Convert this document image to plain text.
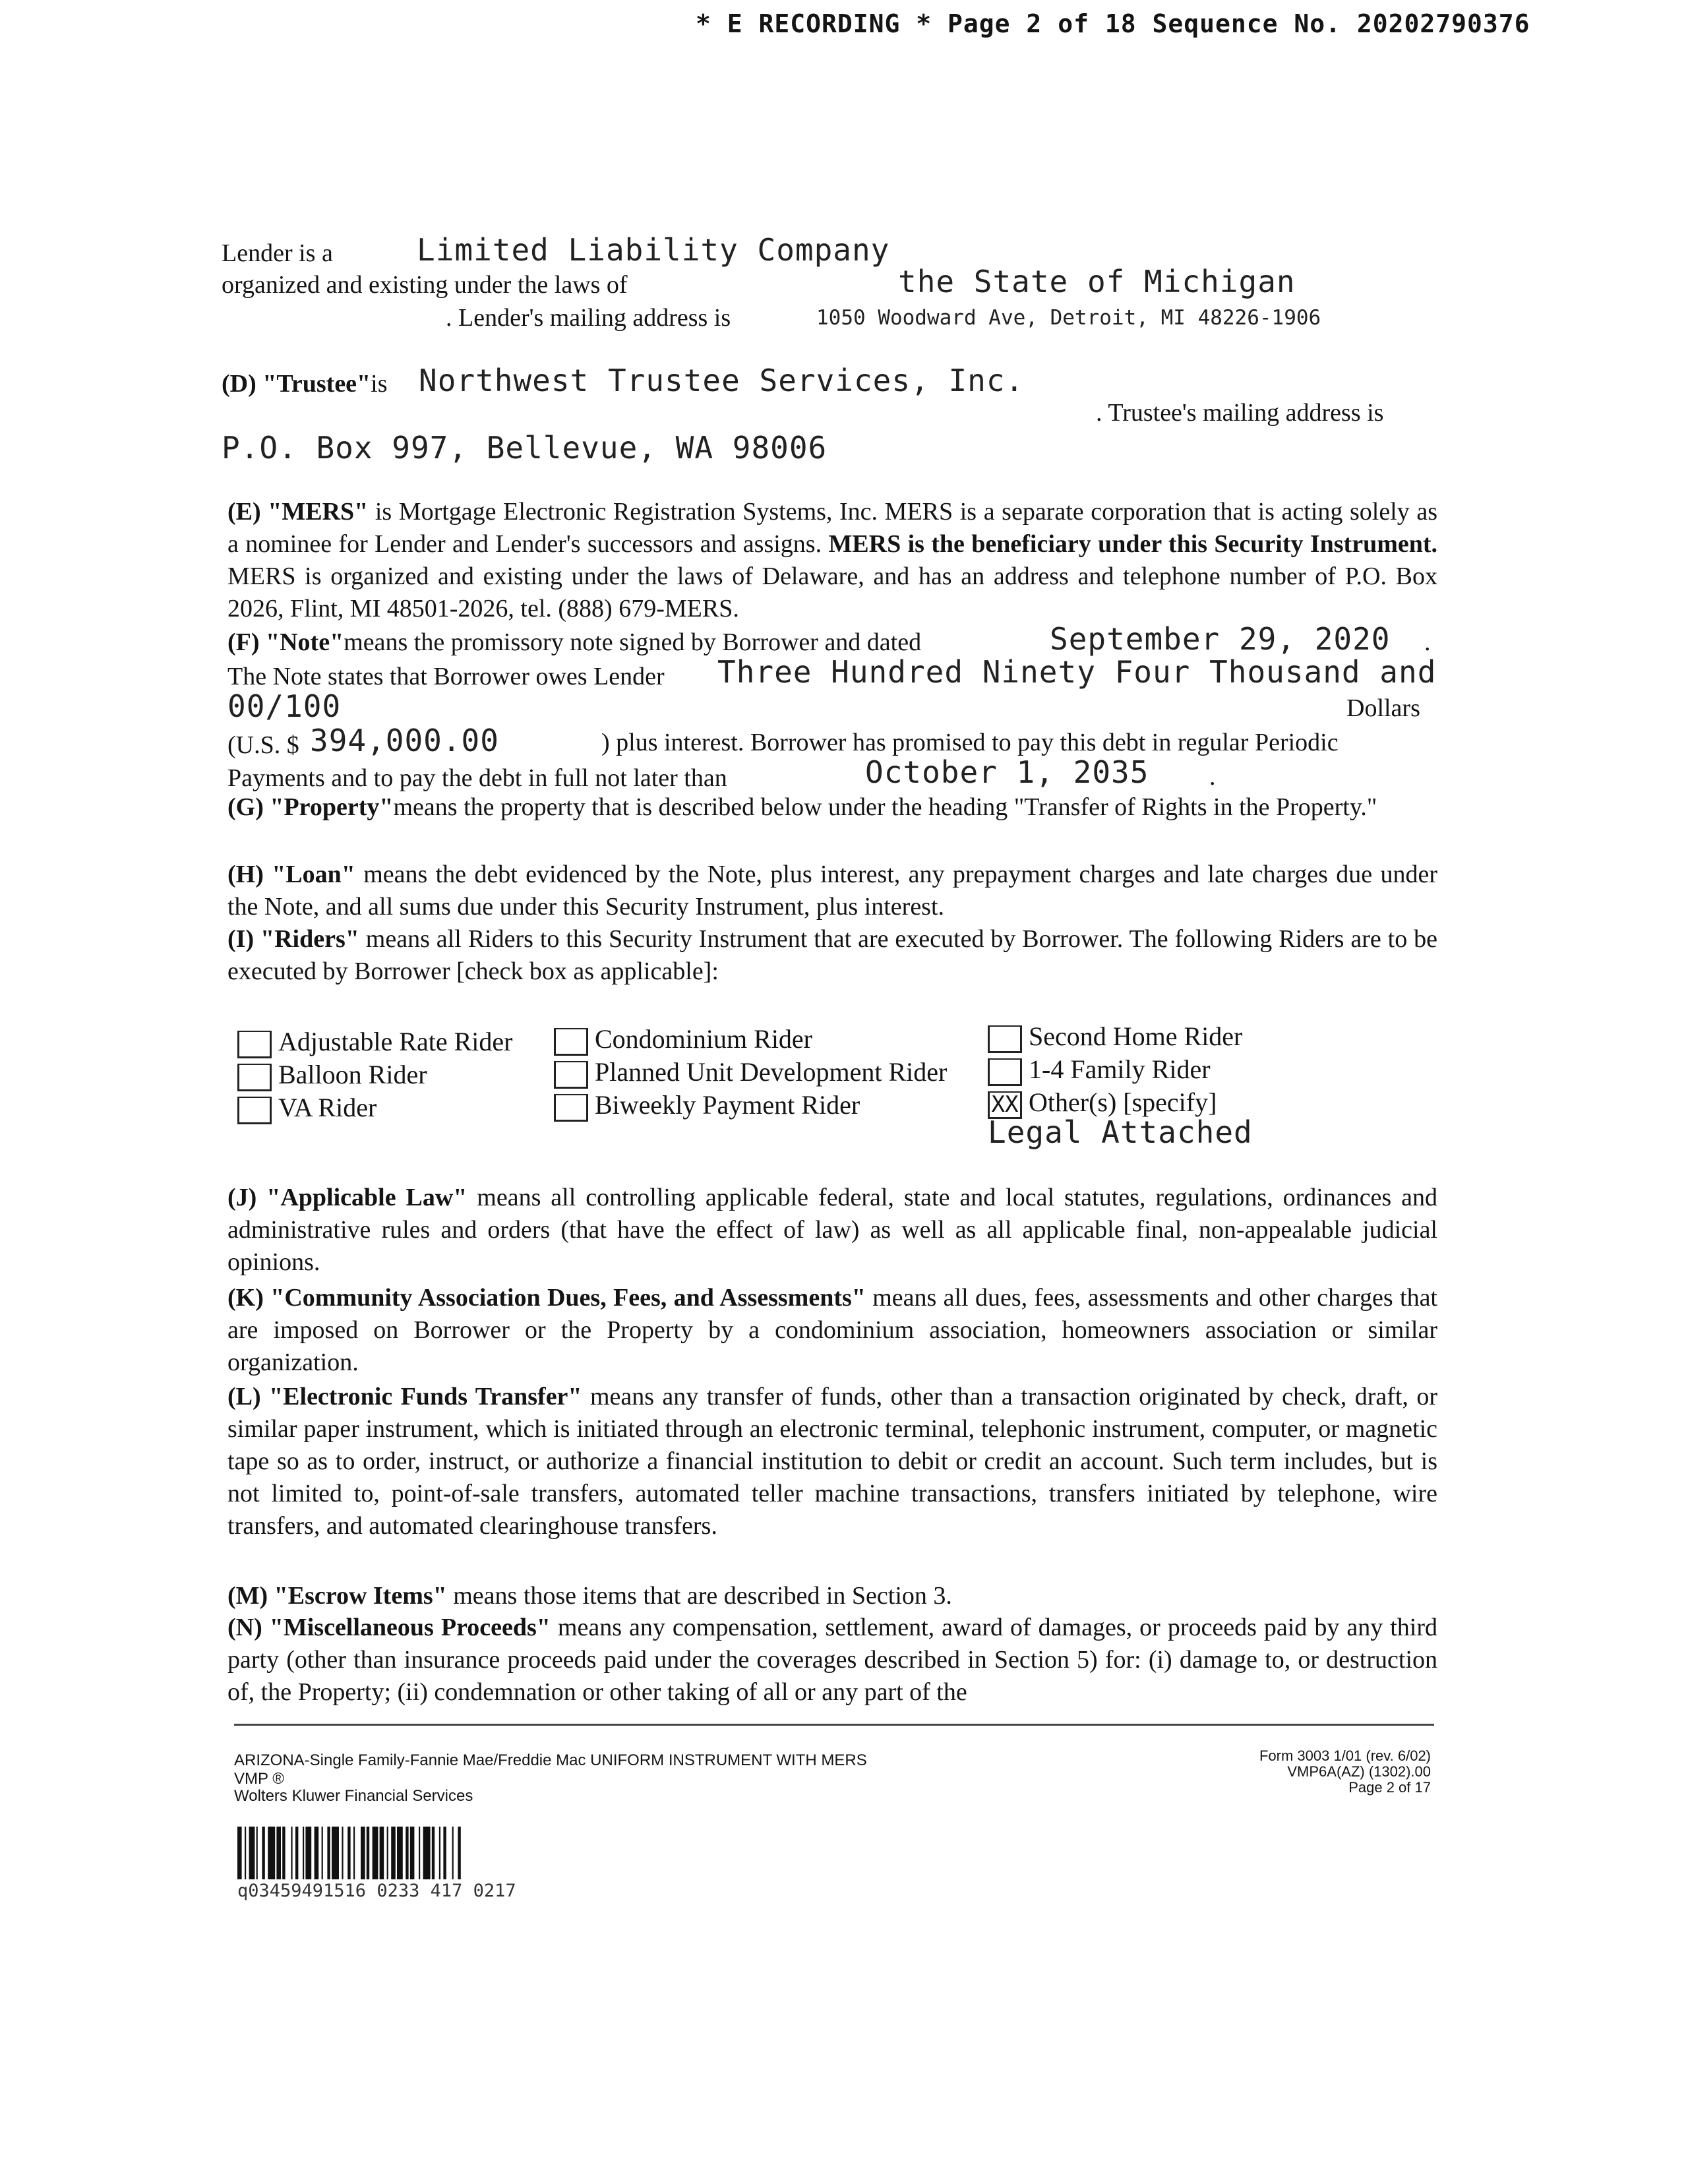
* E RECORDING * Page 2 of 18 Sequence No. 20202790376
Lender is a	Limited Liability Company
organized and existing under the laws of	the State of Michigan
. Lender's mailing address is	1050 Woodward Ave, Detroit, MI 48226-1906
(D) "Trustee"is Northwest Trustee Services, Inc.
. Trustee's mailing address is
P.O. Box 997, Bellevue, WA 98006
(E) "MERS" is Mortgage Electronic Registration Systems, Inc. MERS is a separate corporation that is acting solely as a nominee for Lender and Lender's successors and assigns. MERS is the beneficiary under this Security Instrument. MERS is organized and existing under the laws of Delaware, and has an address and telephone number of P.O. Box 2026, Flint, MI 48501-2026, tel. (888) 679-MERS.
(F) "Note"means the promissory note signed by Borrower and dated	September 29, 2020 .
The Note states that Borrower owes Lender Three Hundred Ninety Four Thousand and
00/100	Dollars
(U.S. $ 394,000.00	) plus interest. Borrower has promised to pay this debt in regular Periodic
Payments and to pay the debt in full not later than	October 1, 2035 .
(G) "Property"means the property that is described below under the heading "Transfer of Rights in the Property."
(H) "Loan" means the debt evidenced by the Note, plus interest, any prepayment charges and late charges due under the Note, and all sums due under this Security Instrument, plus interest.
(I) "Riders" means all Riders to this Security Instrument that are executed by Borrower. The following Riders are to be executed by Borrower [check box as applicable]:
Adjustable Rate Rider
Balloon Rider
VA Rider
Condominium Rider
Planned Unit Development Rider
Biweekly Payment Rider
Second Home Rider
1-4 Family Rider
XX Other(s) [specify]
Legal Attached
(J) "Applicable Law" means all controlling applicable federal, state and local statutes, regulations, ordinances and administrative rules and orders (that have the effect of law) as well as all applicable final, non-appealable judicial opinions.
(K) "Community Association Dues, Fees, and Assessments" means all dues, fees, assessments and other charges that are imposed on Borrower or the Property by a condominium association, homeowners association or similar organization.
(L) "Electronic Funds Transfer" means any transfer of funds, other than a transaction originated by check, draft, or similar paper instrument, which is initiated through an electronic terminal, telephonic instrument, computer, or magnetic tape so as to order, instruct, or authorize a financial institution to debit or credit an account. Such term includes, but is not limited to, point-of-sale transfers, automated teller machine transactions, transfers initiated by telephone, wire transfers, and automated clearinghouse transfers.
(M) "Escrow Items" means those items that are described in Section 3.
(N) "Miscellaneous Proceeds" means any compensation, settlement, award of damages, or proceeds paid by any third party (other than insurance proceeds paid under the coverages described in Section 5) for: (i) damage to, or destruction of, the Property; (ii) condemnation or other taking of all or any part of the
ARIZONA-Single Family-Fannie Mae/Freddie Mac UNIFORM INSTRUMENT WITH MERS
VMP ®
Wolters Kluwer Financial Services
Form 3003 1/01 (rev. 6/02)
VMP6A(AZ) (1302).00
Page 2 of 17
q03459491516 0233 417 0217
